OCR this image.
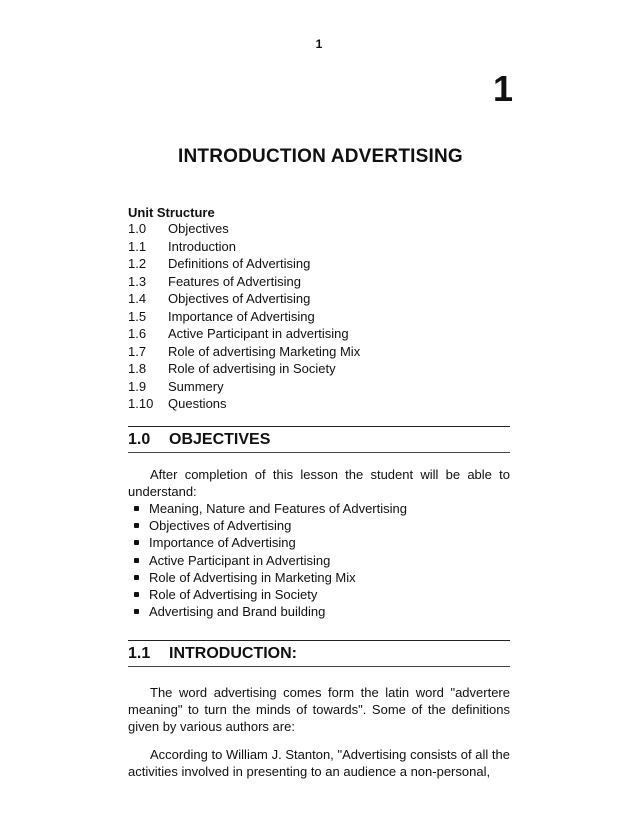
1
1
INTRODUCTION ADVERTISING
Unit Structure
1.0 Objectives
1.1 Introduction
1.2 Definitions of Advertising
1.3 Features of Advertising
1.4 Objectives of Advertising
1.5 Importance of Advertising
1.6 Active Participant in advertising
1.7 Role of advertising Marketing Mix
1.8 Role of advertising in Society
1.9 Summery
1.10 Questions
1.0 OBJECTIVES

After completion of this lesson the student will be able to understand:

Meaning, Nature and Features of Advertising
Objectives of Advertising
Importance of Advertising
Active Participant in Advertising
Role of Advertising in Marketing Mix
Role of Advertising in Society
Advertising and Brand building
1.1 INTRODUCTION:

The word advertising comes form the latin word "advertere meaning" to turn the minds of towards". Some of the definitions given by various authors are:

According to William J. Stanton, "Advertising consists of all the activities involved in presenting to an audience a non-personal,
